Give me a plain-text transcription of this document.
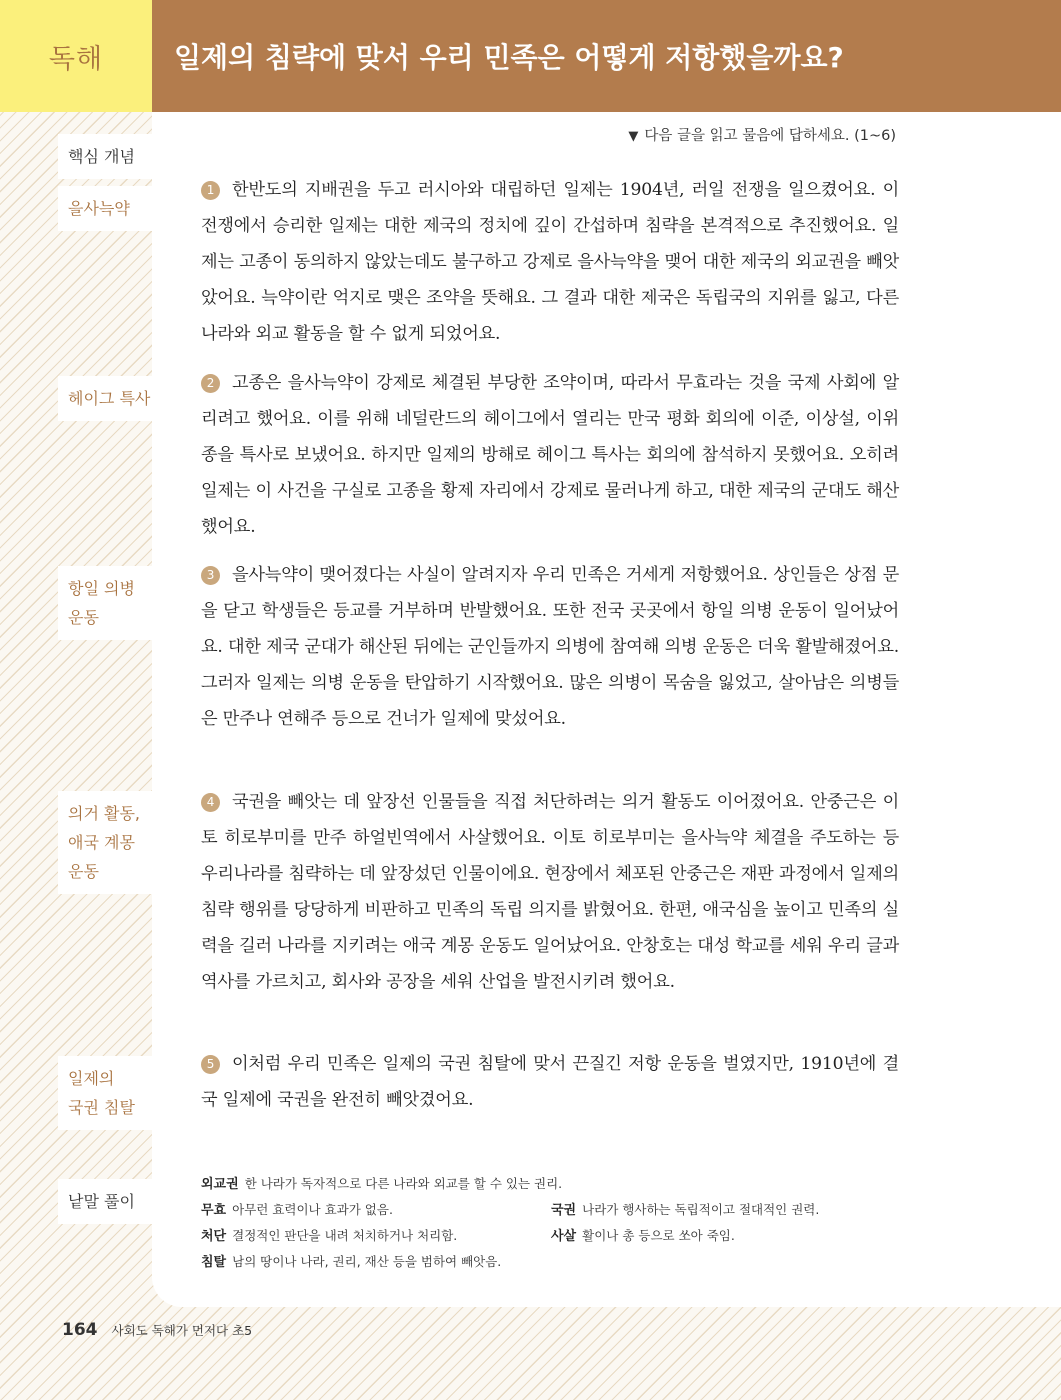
독해	일제의 침략에 맞서 우리 민족은 어떻게 저항했을까요?
▼ 다음 글을 읽고 물음에 답하세요. (1~6)
핵심 개념
을사늑약
헤이그 특사
항일 의병 운동
의거 활동,
애국 계몽 운동
일제의
국권 침탈
낱말 풀이
1 한반도의 지배권을 두고 러시아와 대립하던 일제는 1904년, 러일 전쟁을 일으켰어요. 이 전쟁에서 승리한 일제는 대한 제국의 정치에 깊이 간섭하며 침략을 본격적으로 추진했어요. 일제는 고종이 동의하지 않았는데도 불구하고 강제로 을사늑약을 맺어 대한 제국의 외교권을 빼앗았어요. 늑약이란 억지로 맺은 조약을 뜻해요. 그 결과 대한 제국은 독립국의 지위를 잃고, 다른 나라와 외교 활동을 할 수 없게 되었어요.
2 고종은 을사늑약이 강제로 체결된 부당한 조약이며, 따라서 무효라는 것을 국제 사회에 알리려고 했어요. 이를 위해 네덜란드의 헤이그에서 열리는 만국 평화 회의에 이준, 이상설, 이위종을 특사로 보냈어요. 하지만 일제의 방해로 헤이그 특사는 회의에 참석하지 못했어요. 오히려 일제는 이 사건을 구실로 고종을 황제 자리에서 강제로 물러나게 하고, 대한 제국의 군대도 해산했어요.
3 을사늑약이 맺어졌다는 사실이 알려지자 우리 민족은 거세게 저항했어요. 상인들은 상점 문을 닫고 학생들은 등교를 거부하며 반발했어요. 또한 전국 곳곳에서 항일 의병 운동이 일어났어요. 대한 제국 군대가 해산된 뒤에는 군인들까지 의병에 참여해 의병 운동은 더욱 활발해졌어요. 그러자 일제는 의병 운동을 탄압하기 시작했어요. 많은 의병이 목숨을 잃었고, 살아남은 의병들은 만주나 연해주 등으로 건너가 일제에 맞섰어요.
4 국권을 빼앗는 데 앞장선 인물들을 직접 처단하려는 의거 활동도 이어졌어요. 안중근은 이토 히로부미를 만주 하얼빈역에서 사살했어요. 이토 히로부미는 을사늑약 체결을 주도하는 등 우리나라를 침략하는 데 앞장섰던 인물이에요. 현장에서 체포된 안중근은 재판 과정에서 일제의 침략 행위를 당당하게 비판하고 민족의 독립 의지를 밝혔어요. 한편, 애국심을 높이고 민족의 실력을 길러 나라를 지키려는 애국 계몽 운동도 일어났어요. 안창호는 대성 학교를 세워 우리 글과 역사를 가르치고, 회사와 공장을 세워 산업을 발전시키려 했어요.
5 이처럼 우리 민족은 일제의 국권 침탈에 맞서 끈질긴 저항 운동을 벌였지만, 1910년에 결국 일제에 국권을 완전히 빼앗겼어요.
외교권 한 나라가 독자적으로 다른 나라와 외교를 할 수 있는 권리.
무효 아무런 효력이나 효과가 없음.	국권 나라가 행사하는 독립적이고 절대적인 권력.
처단 결정적인 판단을 내려 처치하거나 처리함.	사살 활이나 총 등으로 쏘아 죽임.
침탈 남의 땅이나 나라, 권리, 재산 등을 범하여 빼앗음.
164 사회도 독해가 먼저다 초5
